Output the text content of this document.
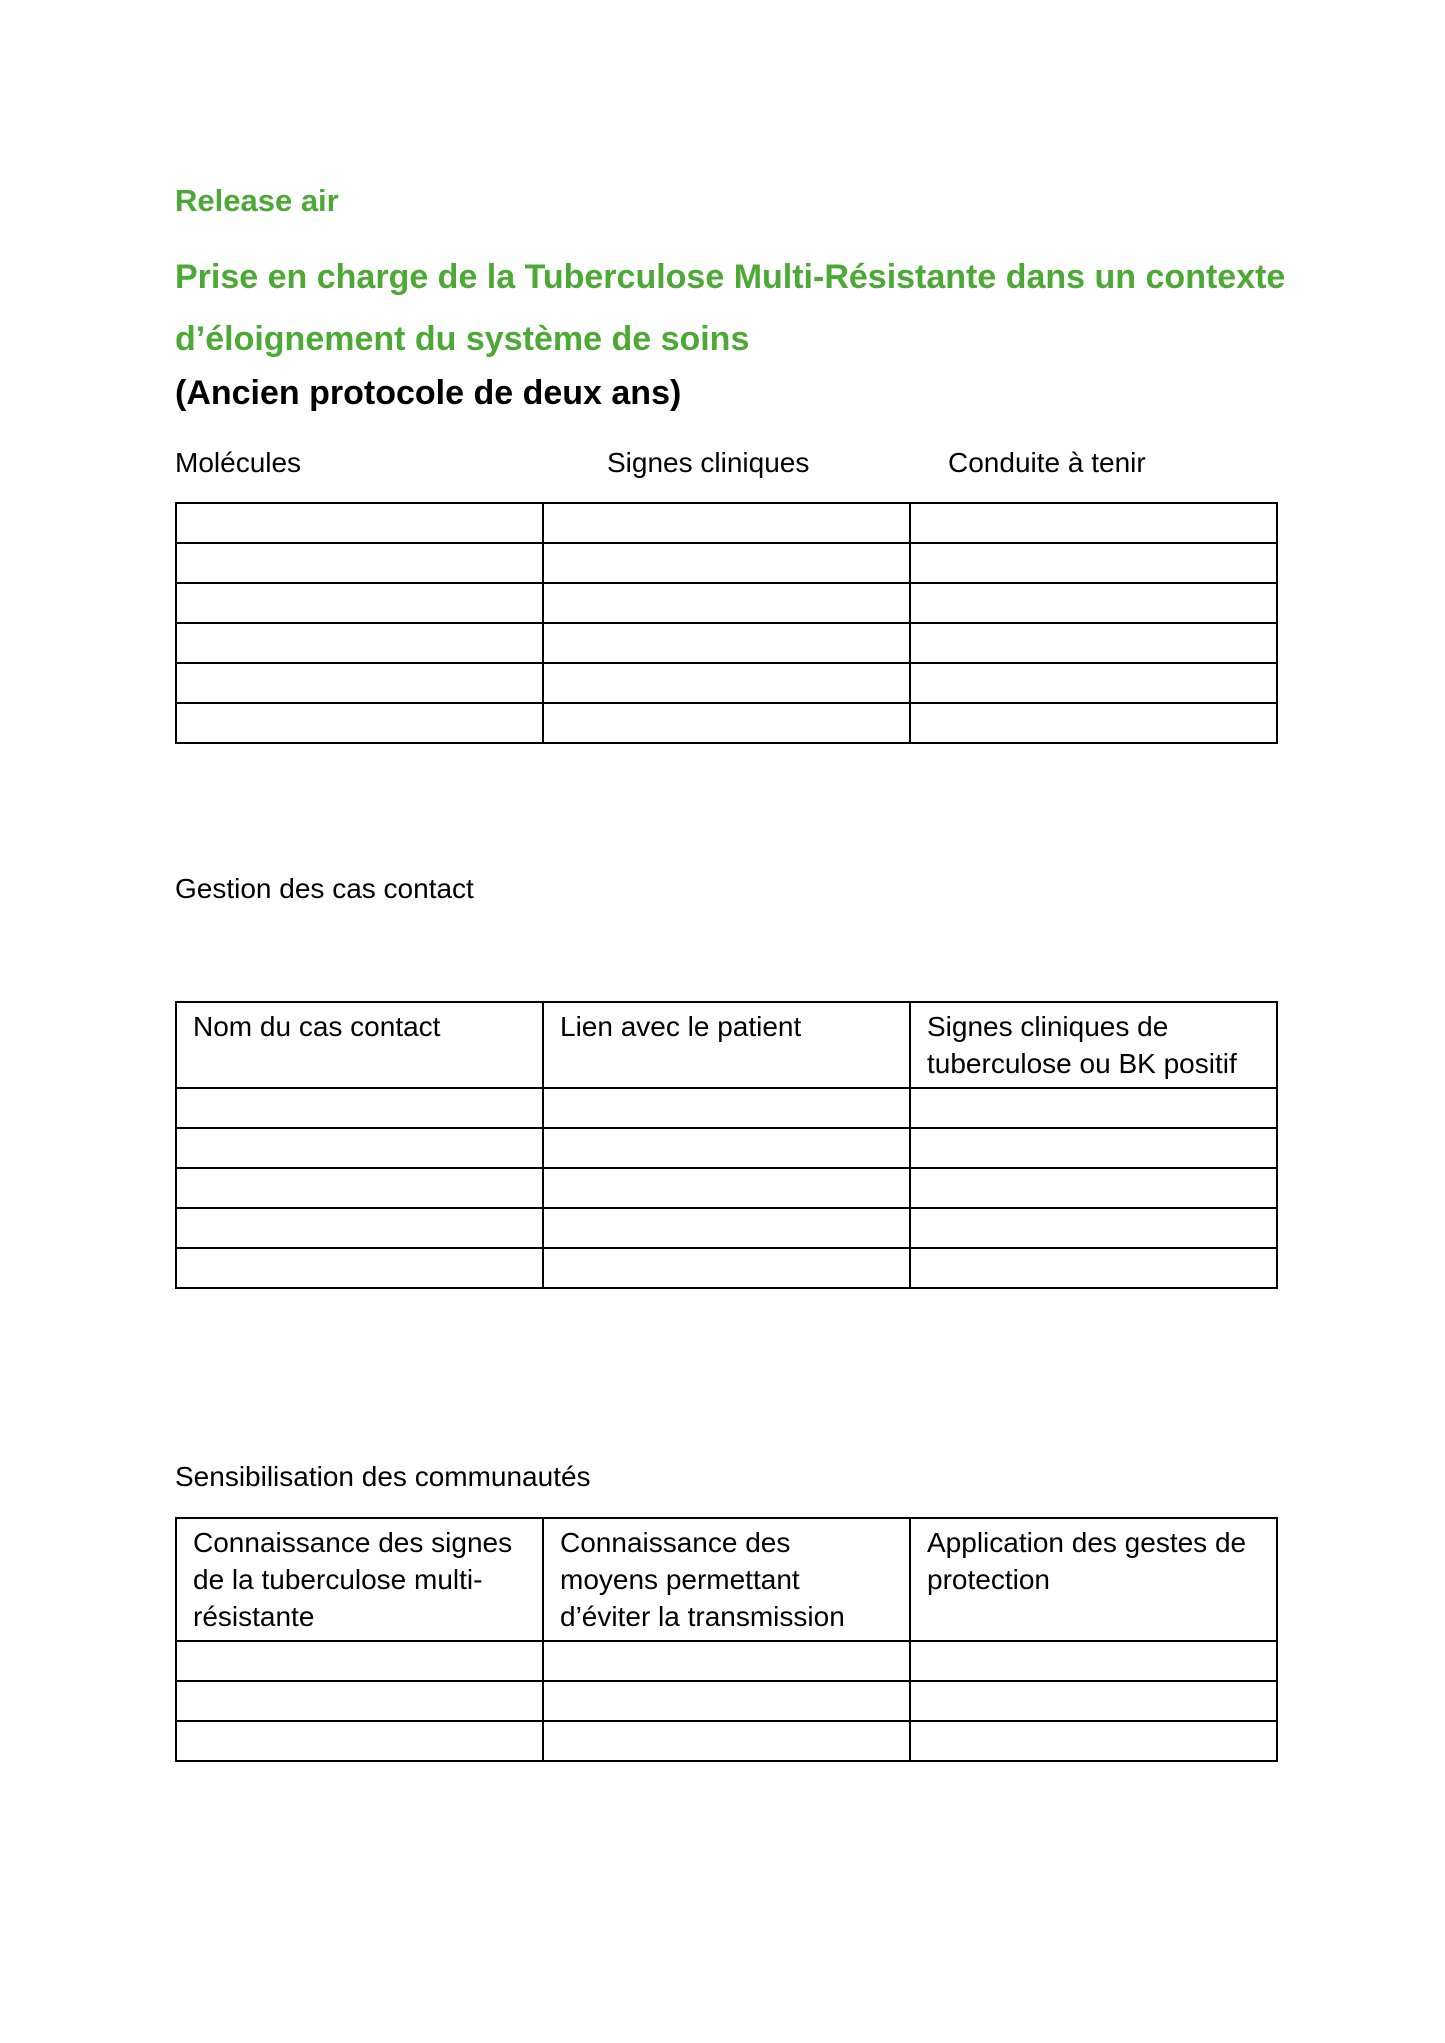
Release air
Prise en charge de la Tuberculose Multi-Résistante dans un contexte d’éloignement du système de soins
(Ancien protocole de deux ans)
Molécules	Signes cliniques	Conduite à tenir

Gestion des cas contact
Nom du cas contact	Lien avec le patient	Signes cliniques de tuberculose ou BK positif

Sensibilisation des communautés
Connaissance des signes de la tuberculose multi-résistante	Connaissance des moyens permettant d’éviter la transmission	Application des gestes de protection
